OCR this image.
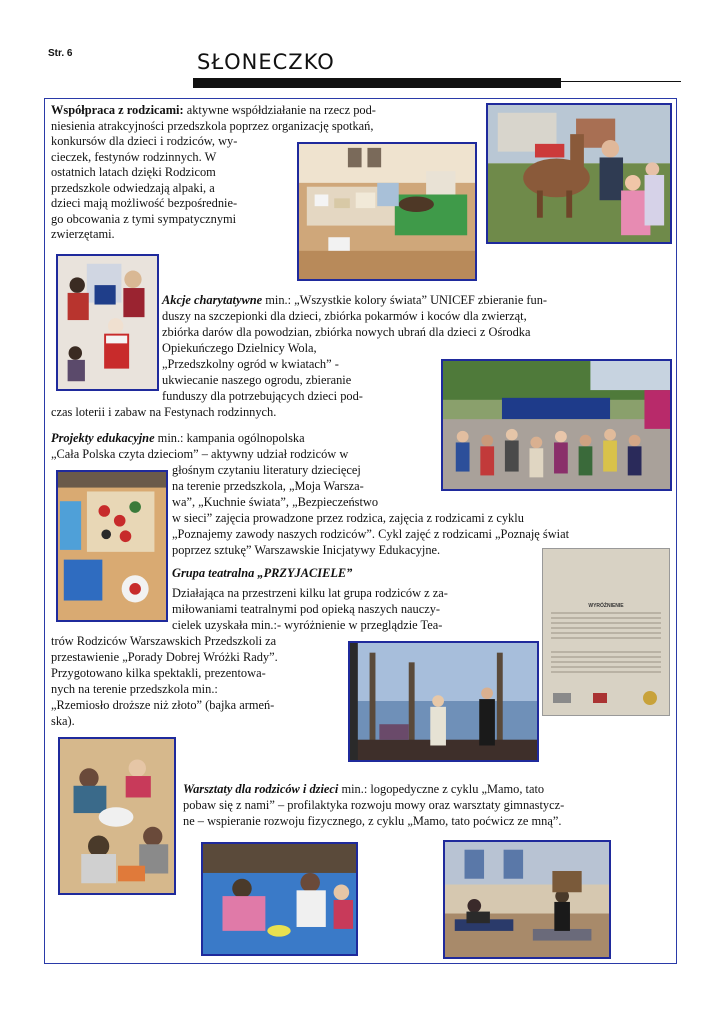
Str. 6	SŁONECZKO
Współpraca z rodzicami: aktywne współdziałanie na rzecz pod-
niesienia atrakcyjności przedszkola poprzez organizację spotkań,
konkursów dla dzieci i rodziców, wy-
cieczek, festynów rodzinnych. W
ostatnich latach dzięki Rodzicom
przedszkole odwiedzają alpaki, a
dzieci mają możliwość bezpośrednie-
go obcowania z tymi sympatycznymi
zwierzętami.
Akcje charytatywne min.: „Wszystkie kolory świata” UNICEF zbieranie fun-
duszy na szczepionki dla dzieci, zbiórka pokarmów i koców dla zwierząt,
zbiórka darów dla powodzian, zbiórka nowych ubrań dla dzieci z Ośrodka
Opiekuńczego Dzielnicy Wola,
„Przedszkolny ogród w kwiatach” -
ukwiecanie naszego ogrodu, zbieranie
funduszy dla potrzebujących dzieci pod-
czas loterii i zabaw na Festynach rodzinnych.
Projekty edukacyjne min.: kampania ogólnopolska
„Cała Polska czyta dzieciom” – aktywny udział rodziców w
głośnym czytaniu literatury dziecięcej
na terenie przedszkola, „Moja Warsza-
wa”, „Kuchnie świata”, „Bezpieczeństwo
w sieci” zajęcia prowadzone przez rodzica, zajęcia z rodzicami z cyklu
„Poznajemy zawody naszych rodziców”. Cykl zajęć z rodzicami „Poznaję świat
poprzez sztukę” Warszawskie Inicjatywy Edukacyjne.
Grupa teatralna „PRZYJACIELE”
Działająca na przestrzeni kilku lat grupa rodziców z za-
miłowaniami teatralnymi pod opieką naszych nauczy-
cielek uzyskała min.:- wyróżnienie w przeglądzie Tea-
trów Rodziców Warszawskich Przedszkoli za
przestawienie „Porady Dobrej Wróżki Rady”.
Przygotowano kilka spektakli, prezentowa-
nych na terenie przedszkola min.:
„Rzemiosło droższe niż złoto” (bajka armeń-
ska).
WYRÓŻNIENIE
Warsztaty dla rodziców i dzieci min.: logopedyczne z cyklu „Mamo, tato
pobaw się z nami” – profilaktyka rozwoju mowy oraz warsztaty gimnastycz-
ne – wspieranie rozwoju fizycznego, z cyklu „Mamo, tato poćwicz ze mną”.
